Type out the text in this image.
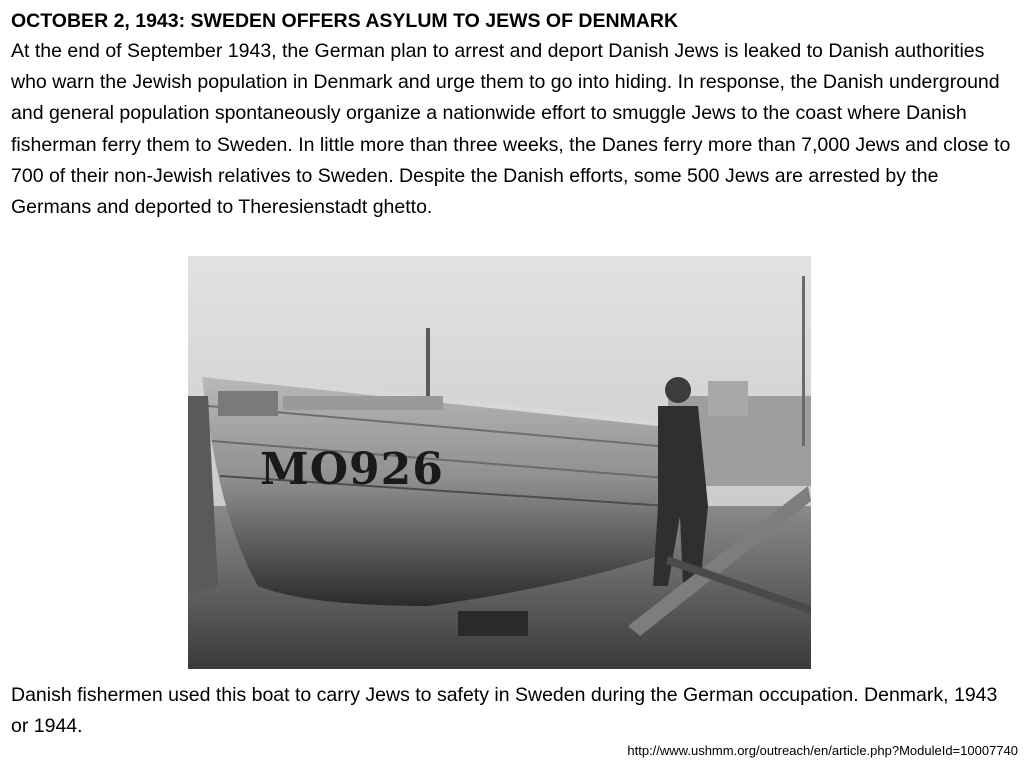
OCTOBER 2, 1943: SWEDEN OFFERS ASYLUM TO JEWS OF DENMARK

At the end of September 1943, the German plan to arrest and deport Danish Jews is leaked to Danish authorities who warn the Jewish population in Denmark and urge them to go into hiding. In response, the Danish underground and general population spontaneously organize a nationwide effort to smuggle Jews to the coast where Danish fisherman ferry them to Sweden. In little more than three weeks, the Danes ferry more than 7,000 Jews and close to 700 of their non-Jewish relatives to Sweden. Despite the Danish efforts, some 500 Jews are arrested by the Germans and deported to Theresienstadt ghetto.

MO926

Danish fishermen used this boat to carry Jews to safety in Sweden during the German occupation. Denmark, 1943 or 1944.

http://www.ushmm.org/outreach/en/article.php?ModuleId=10007740
